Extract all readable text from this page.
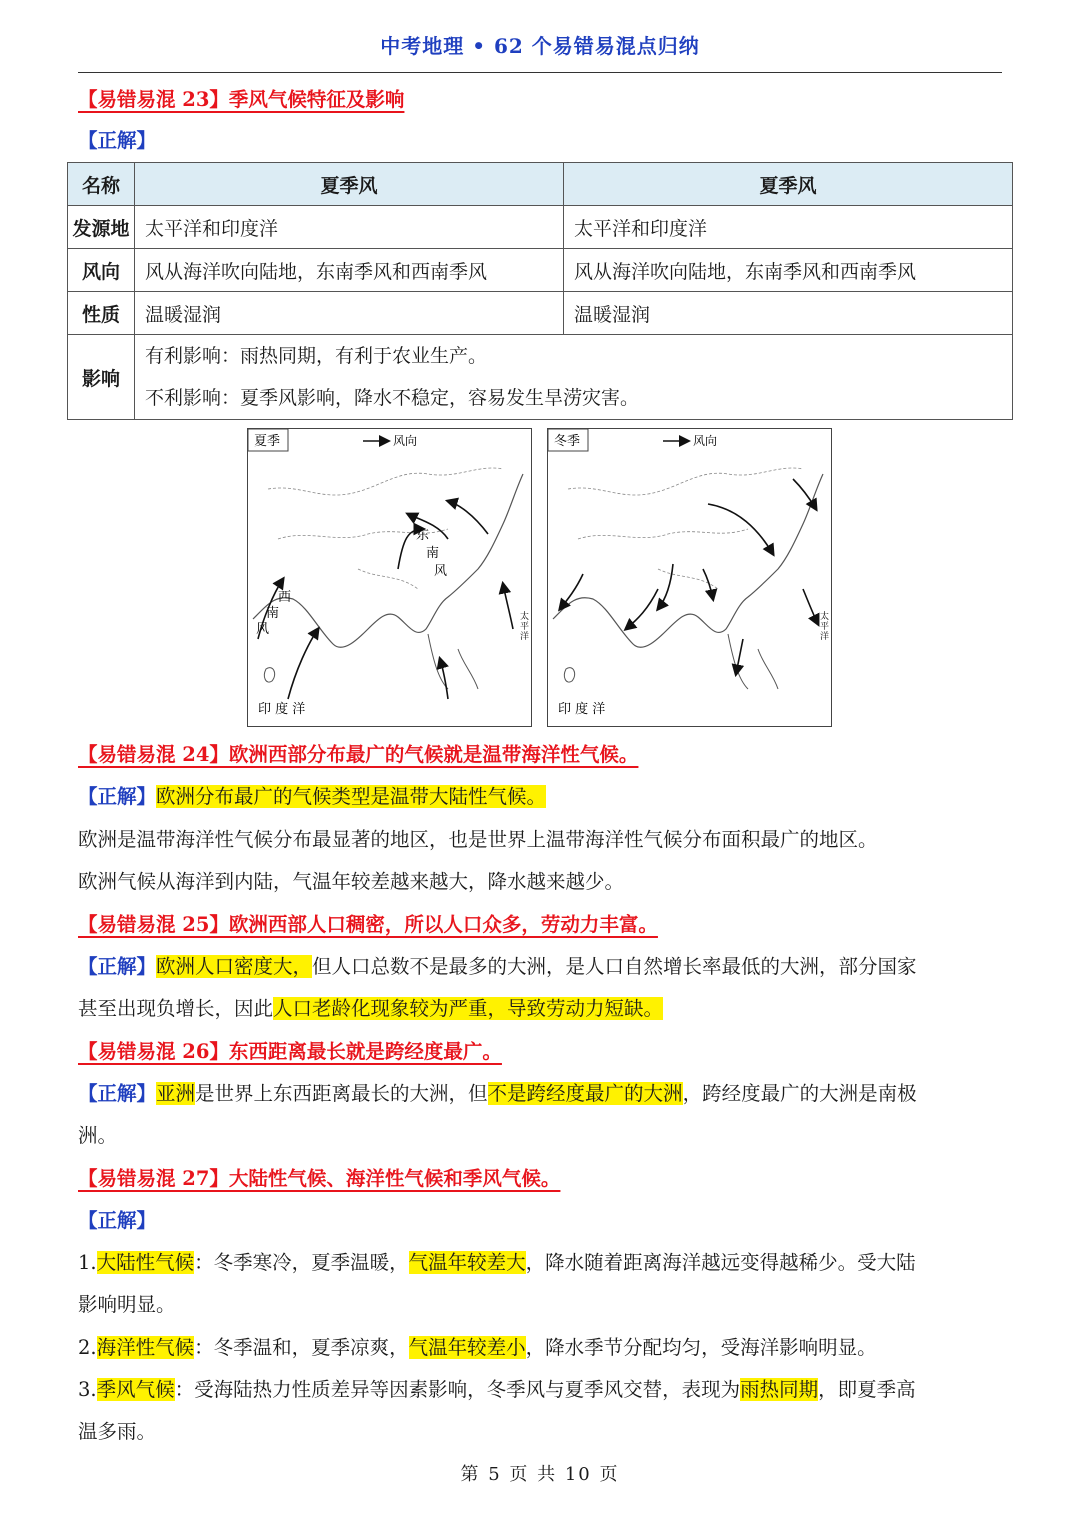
中考地理 • 62 个易错易混点归纳
【易错易混 23】季风气候特征及影响
【正解】
名称	夏季风	夏季风
发源地	太平洋和印度洋	太平洋和印度洋
风向	风从海洋吹向陆地，东南季风和西南季风	风从海洋吹向陆地，东南季风和西南季风
性质	温暖湿润	温暖湿润
影响	有利影响：雨热同期，有利于农业生产。
不利影响：夏季风影响，降水不稳定，容易发生旱涝灾害。	
夏季	风向
东
南
风
西
南
风
太
平
洋
印 度 洋
冬季	风向
太
平
洋
印 度 洋
【易错易混 24】欧洲西部分布最广的气候就是温带海洋性气候。
【正解】欧洲分布最广的气候类型是温带大陆性气候。
欧洲是温带海洋性气候分布最显著的地区，也是世界上温带海洋性气候分布面积最广的地区。
欧洲气候从海洋到内陆，气温年较差越来越大，降水越来越少。
【易错易混 25】欧洲西部人口稠密，所以人口众多，劳动力丰富。
【正解】欧洲人口密度大，但人口总数不是最多的大洲，是人口自然增长率最低的大洲，部分国家
甚至出现负增长，因此人口老龄化现象较为严重，导致劳动力短缺。
【易错易混 26】东西距离最长就是跨经度最广。
【正解】亚洲是世界上东西距离最长的大洲，但不是跨经度最广的大洲，跨经度最广的大洲是南极
洲。
【易错易混 27】大陆性气候、海洋性气候和季风气候。
【正解】
1.大陆性气候：冬季寒冷，夏季温暖，气温年较差大，降水随着距离海洋越远变得越稀少。受大陆
影响明显。
2.海洋性气候：冬季温和，夏季凉爽，气温年较差小，降水季节分配均匀，受海洋影响明显。
3.季风气候：受海陆热力性质差异等因素影响，冬季风与夏季风交替，表现为雨热同期，即夏季高
温多雨。
第 5 页 共 10 页
